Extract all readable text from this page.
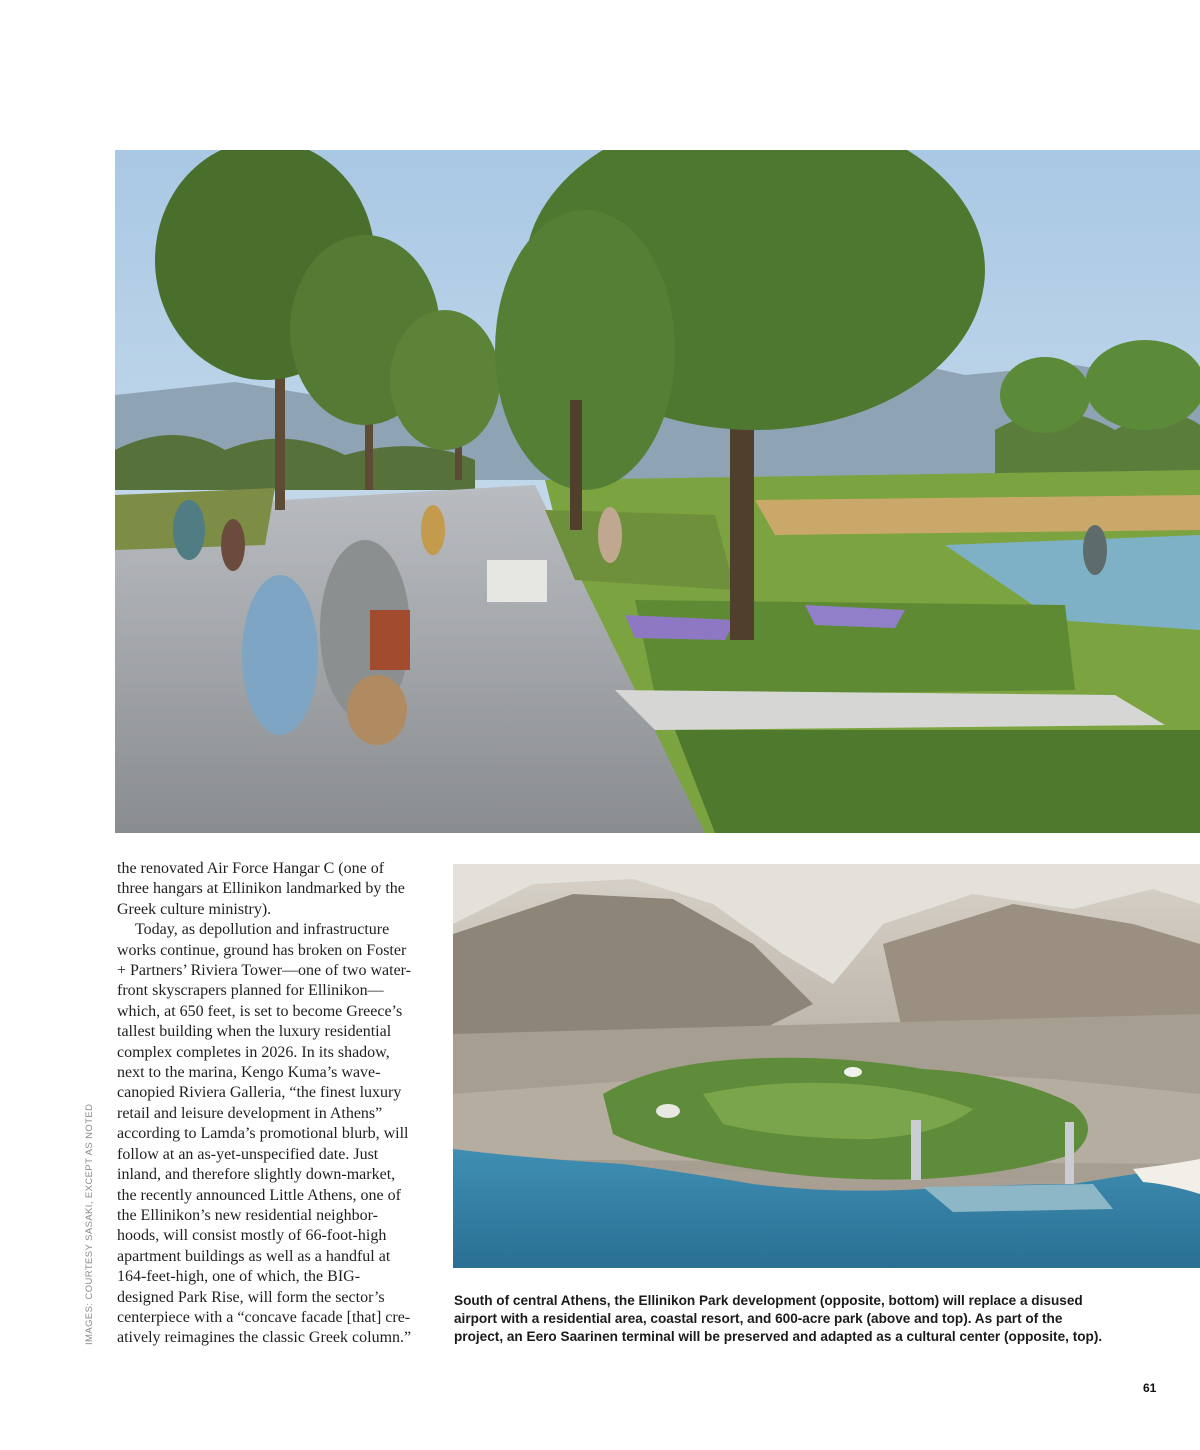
the renovated Air Force Hangar C (one of
three hangars at Ellinikon landmarked by the
Greek culture ministry).

Today, as depollution and infrastructure
works continue, ground has broken on Foster
+ Partners’ Riviera Tower—one of two water-
front skyscrapers planned for Ellinikon—
which, at 650 feet, is set to become Greece’s
tallest building when the luxury residential
complex completes in 2026. In its shadow,
next to the marina, Kengo Kuma’s wave-
canopied Riviera Galleria, “the finest luxury
retail and leisure development in Athens”
according to Lamda’s promotional blurb, will
follow at an as-yet-unspecified date. Just
inland, and therefore slightly down-market,
the recently announced Little Athens, one of
the Ellinikon’s new residential neighbor-
hoods, will consist mostly of 66-foot-high
apartment buildings as well as a handful at
164-feet-high, one of which, the BIG-
designed Park Rise, will form the sector’s
centerpiece with a “concave facade [that] cre-
atively reimagines the classic Greek column.”

IMAGES: COURTESY SASAKI, EXCEPT AS NOTED	South of central Athens, the Ellinikon Park development (opposite, bottom) will replace a disused
airport with a residential area, coastal resort, and 600-acre park (above and top). As part of the
project, an Eero Saarinen terminal will be preserved and adapted as a cultural center (opposite, top).
61
